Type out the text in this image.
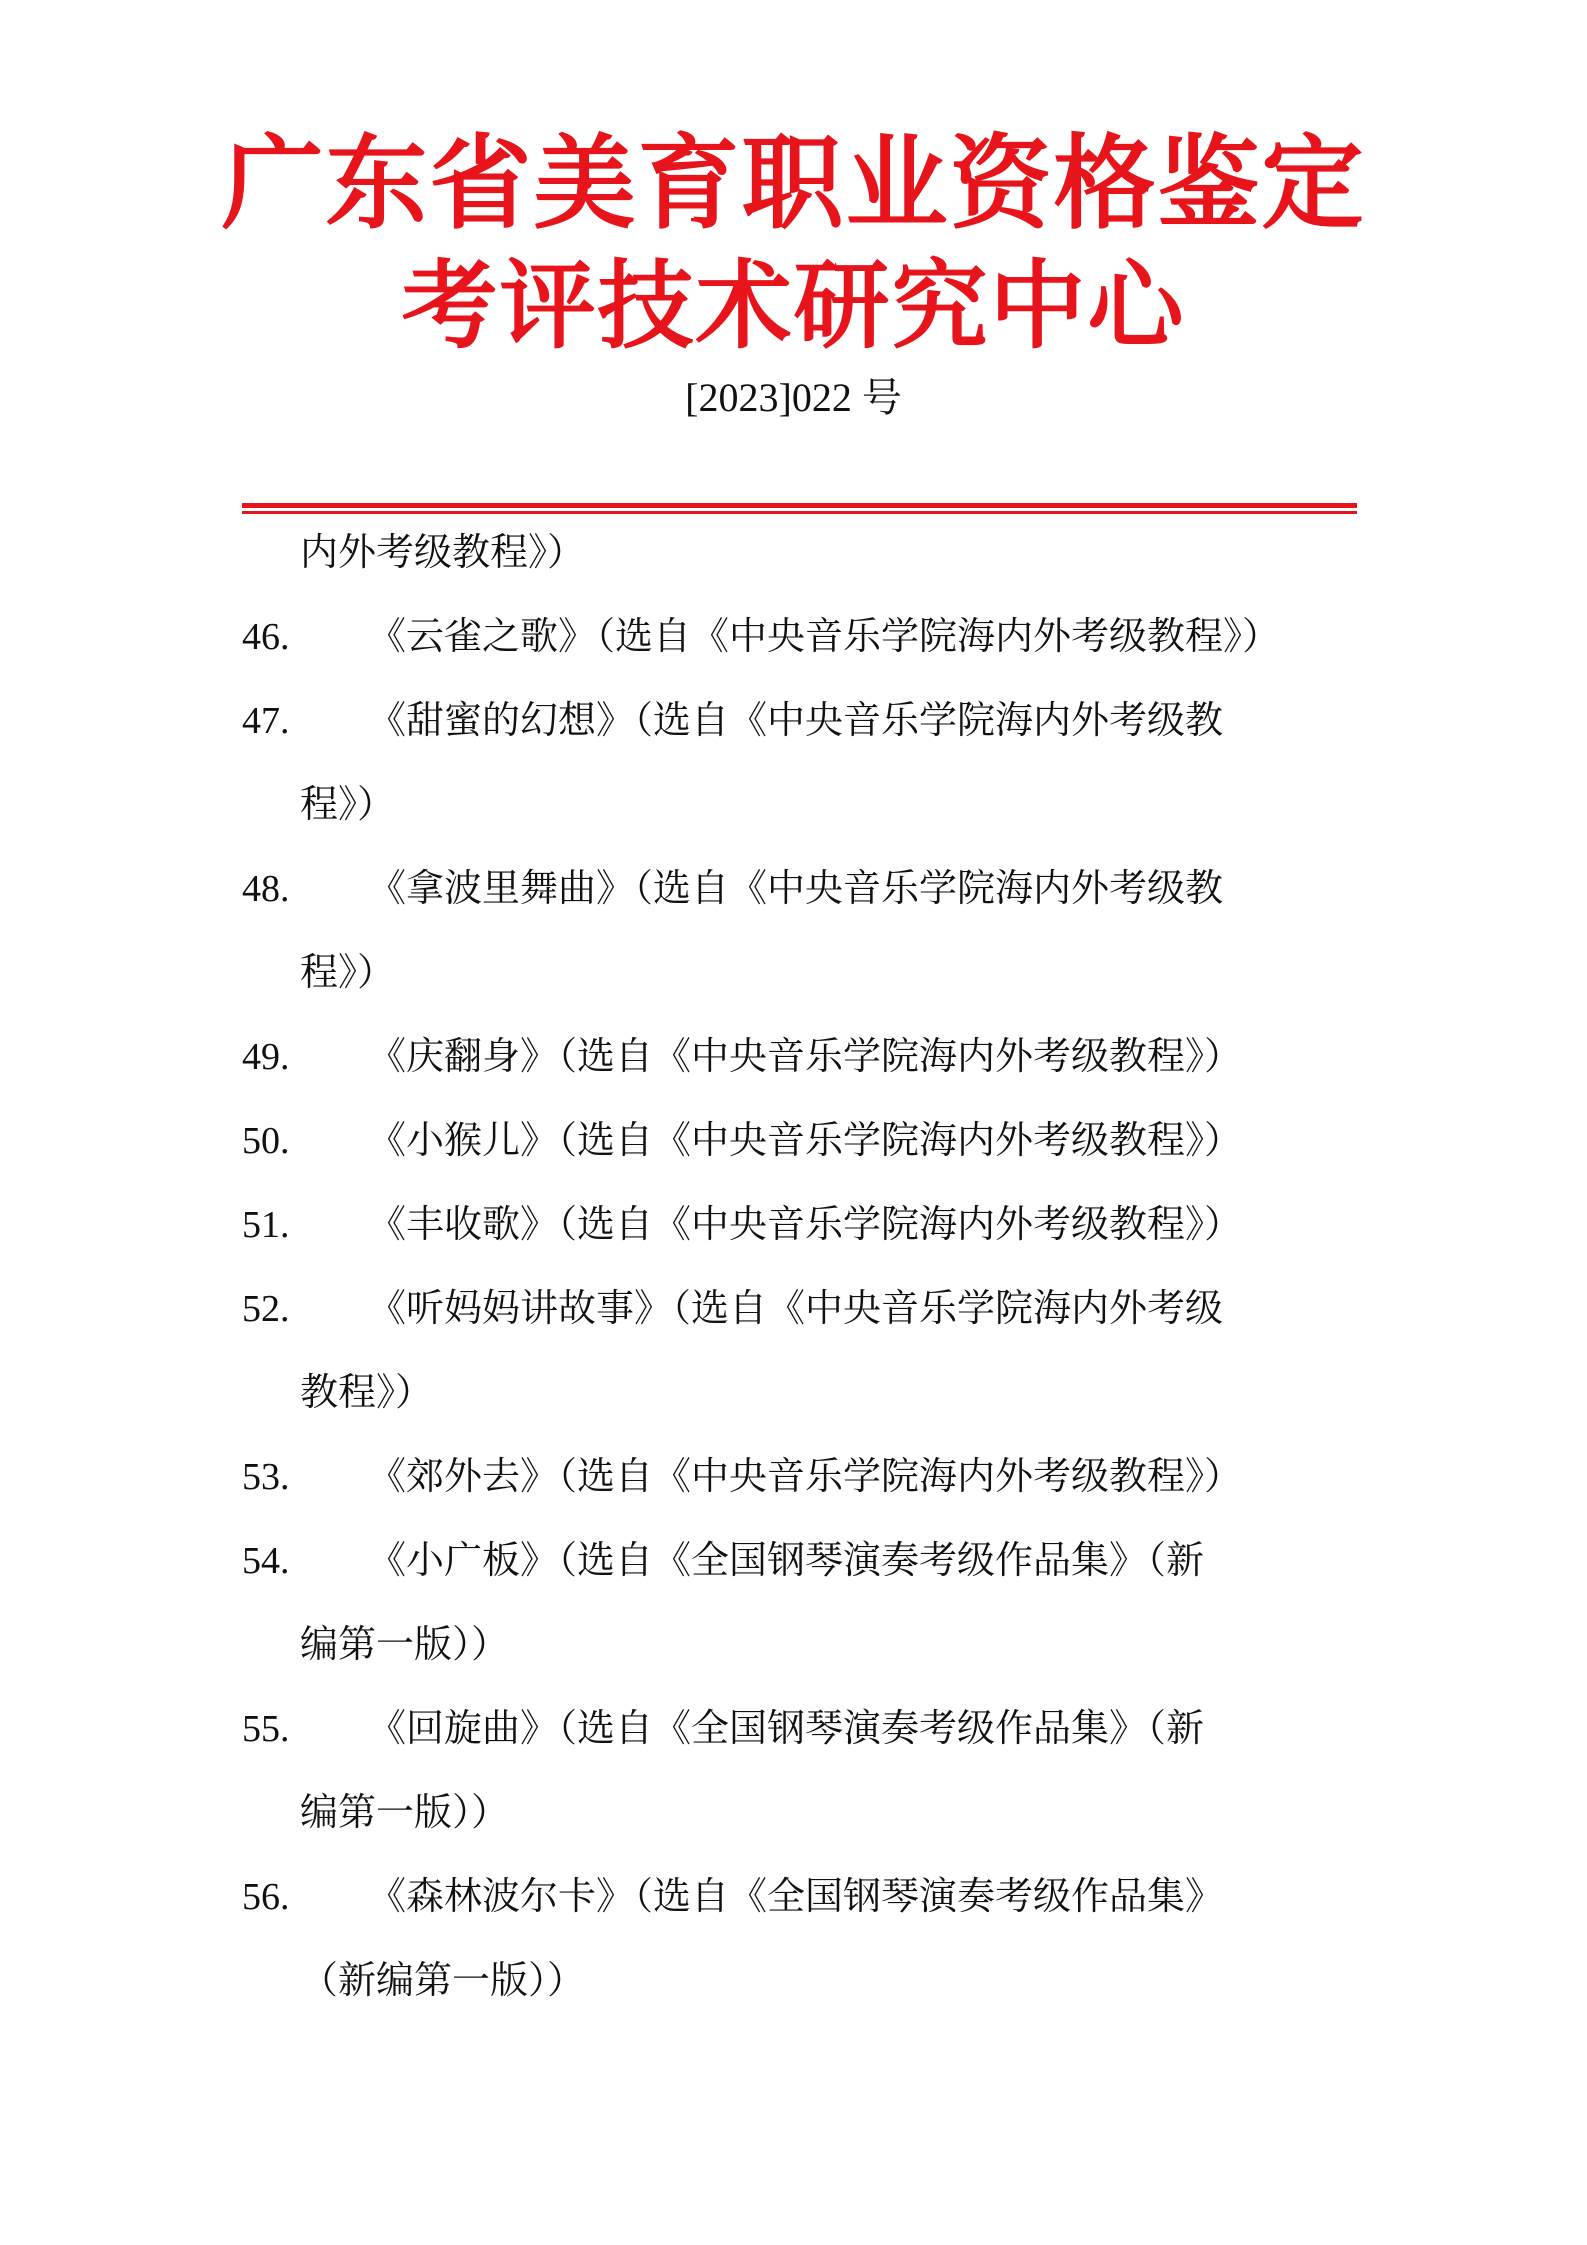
广东省美育职业资格鉴定
考评技术研究中心
[2023]022 号
内外考级教程》）
46. 《云雀之歌》（选自《中央音乐学院海内外考级教程》）
47. 《甜蜜的幻想》（选自《中央音乐学院海内外考级教
程》）
48. 《拿波里舞曲》（选自《中央音乐学院海内外考级教
程》）
49. 《庆翻身》（选自《中央音乐学院海内外考级教程》）
50. 《小猴儿》（选自《中央音乐学院海内外考级教程》）
51. 《丰收歌》（选自《中央音乐学院海内外考级教程》）
52. 《听妈妈讲故事》（选自《中央音乐学院海内外考级
教程》）
53. 《郊外去》（选自《中央音乐学院海内外考级教程》）
54. 《小广板》（选自《全国钢琴演奏考级作品集》（新
编第一版））
55. 《回旋曲》（选自《全国钢琴演奏考级作品集》（新
编第一版））
56. 《森林波尔卡》（选自《全国钢琴演奏考级作品集》
（新编第一版））
